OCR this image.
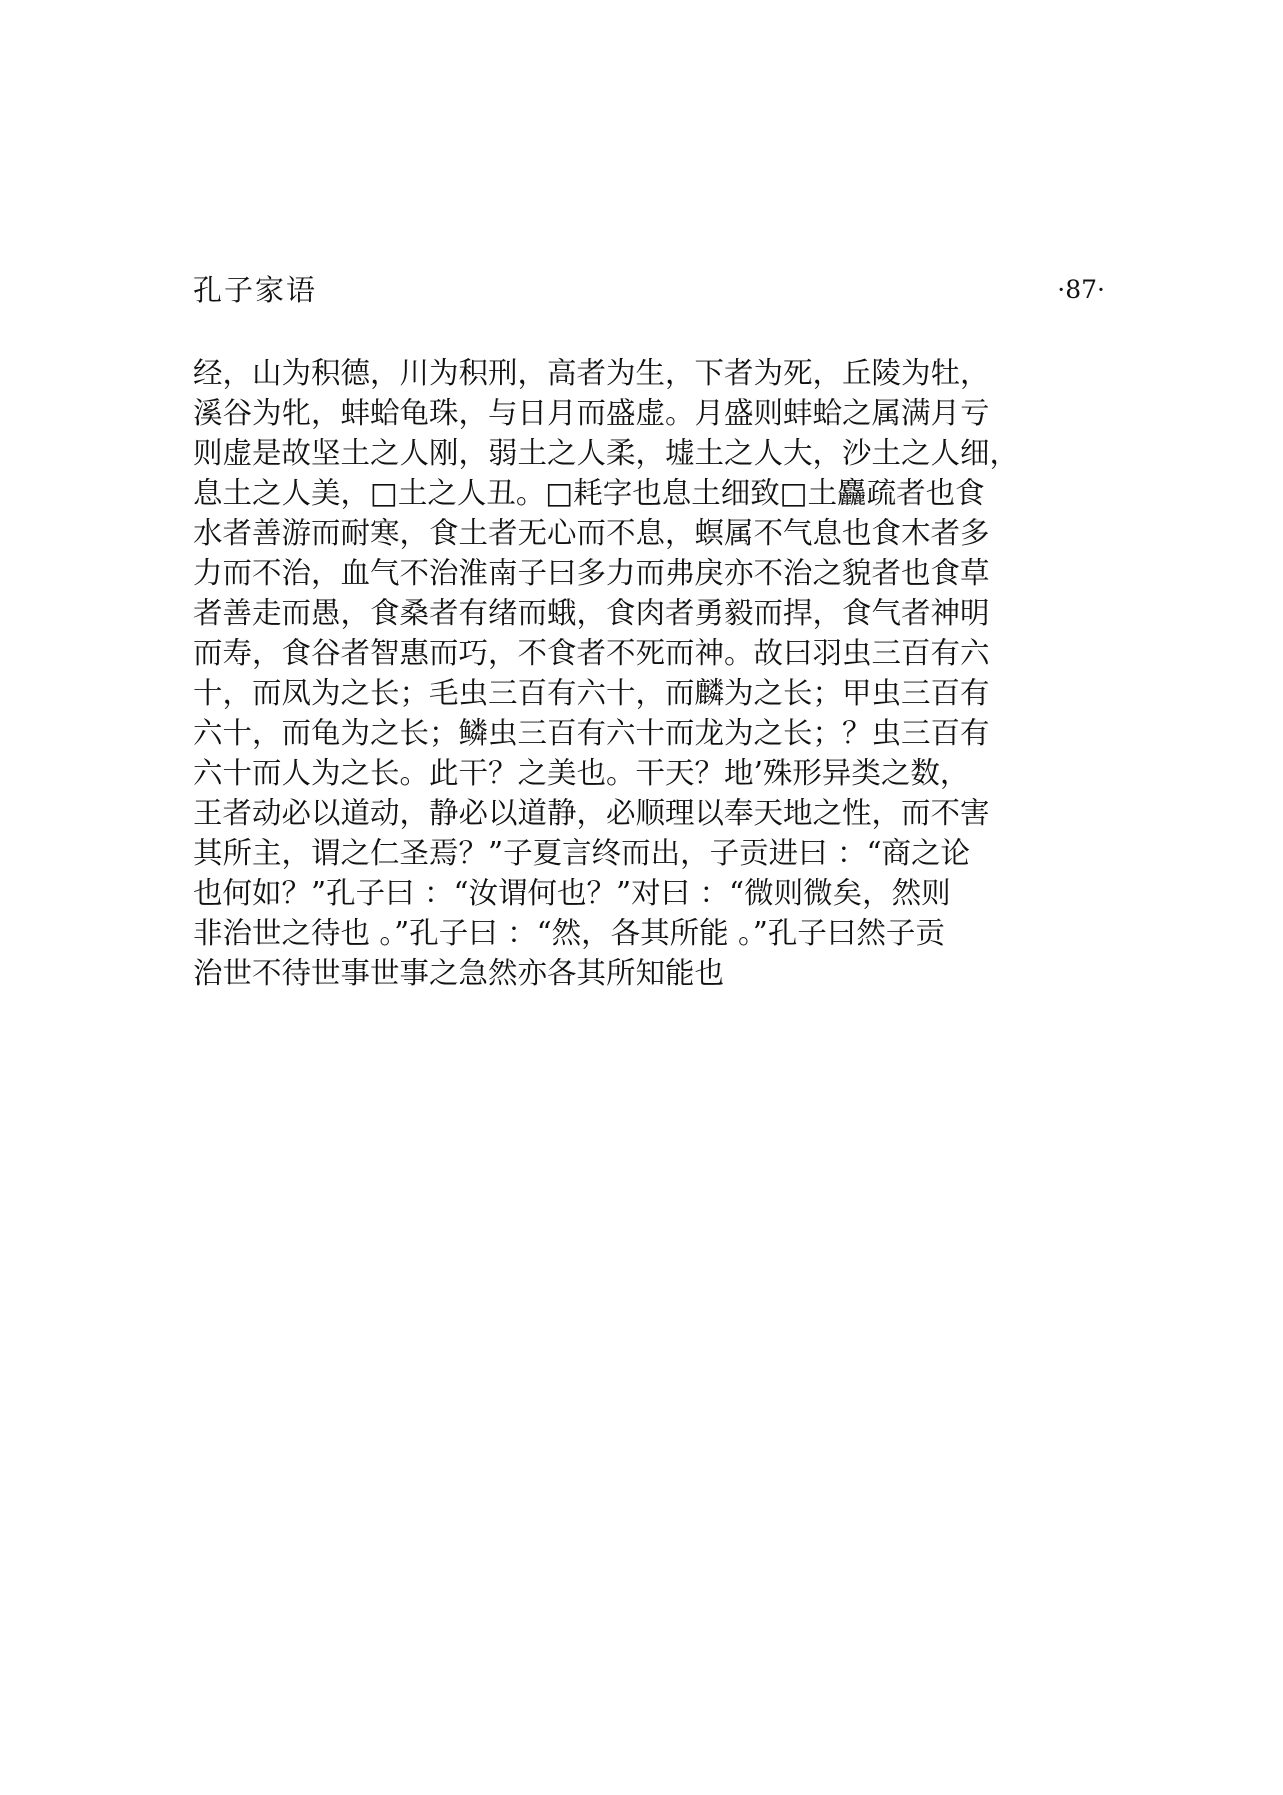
孔子家语	·87·
经，山为积德，川为积刑，高者为生，下者为死，丘陵为牡，
溪谷为牝，蚌蛤龟珠，与日月而盛虚。月盛则蚌蛤之属满月亏
则虚是故坚土之人刚，弱土之人柔，墟土之人大，沙土之人细，
息土之人美，□土之人丑。□耗字也息土细致□土麤疏者也食
水者善游而耐寒，食土者无心而不息，螟属不气息也食木者多
力而不治，血气不治淮南子曰多力而弗戾亦不治之貌者也食草
者善走而愚，食桑者有绪而蛾，食肉者勇毅而捍，食气者神明
而寿，食谷者智惠而巧，不食者不死而神。故曰羽虫三百有六
十，而凤为之长；毛虫三百有六十，而麟为之长；甲虫三百有
六十，而龟为之长；鳞虫三百有六十而龙为之长；？虫三百有
六十而人为之长。此干？之美也。干天？地’殊形异类之数，
王者动必以道动，静必以道静，必顺理以奉天地之性，而不害
其所主，谓之仁圣焉？”子夏言终而出，子贡进曰 ：“商之论
也何如？”孔子曰 ：“汝谓何也？”对曰 ：“微则微矣，然则
非治世之待也 。”孔子曰 ：“然，各其所能 。”孔子曰然子贡
治世不待世事世事之急然亦各其所知能也
